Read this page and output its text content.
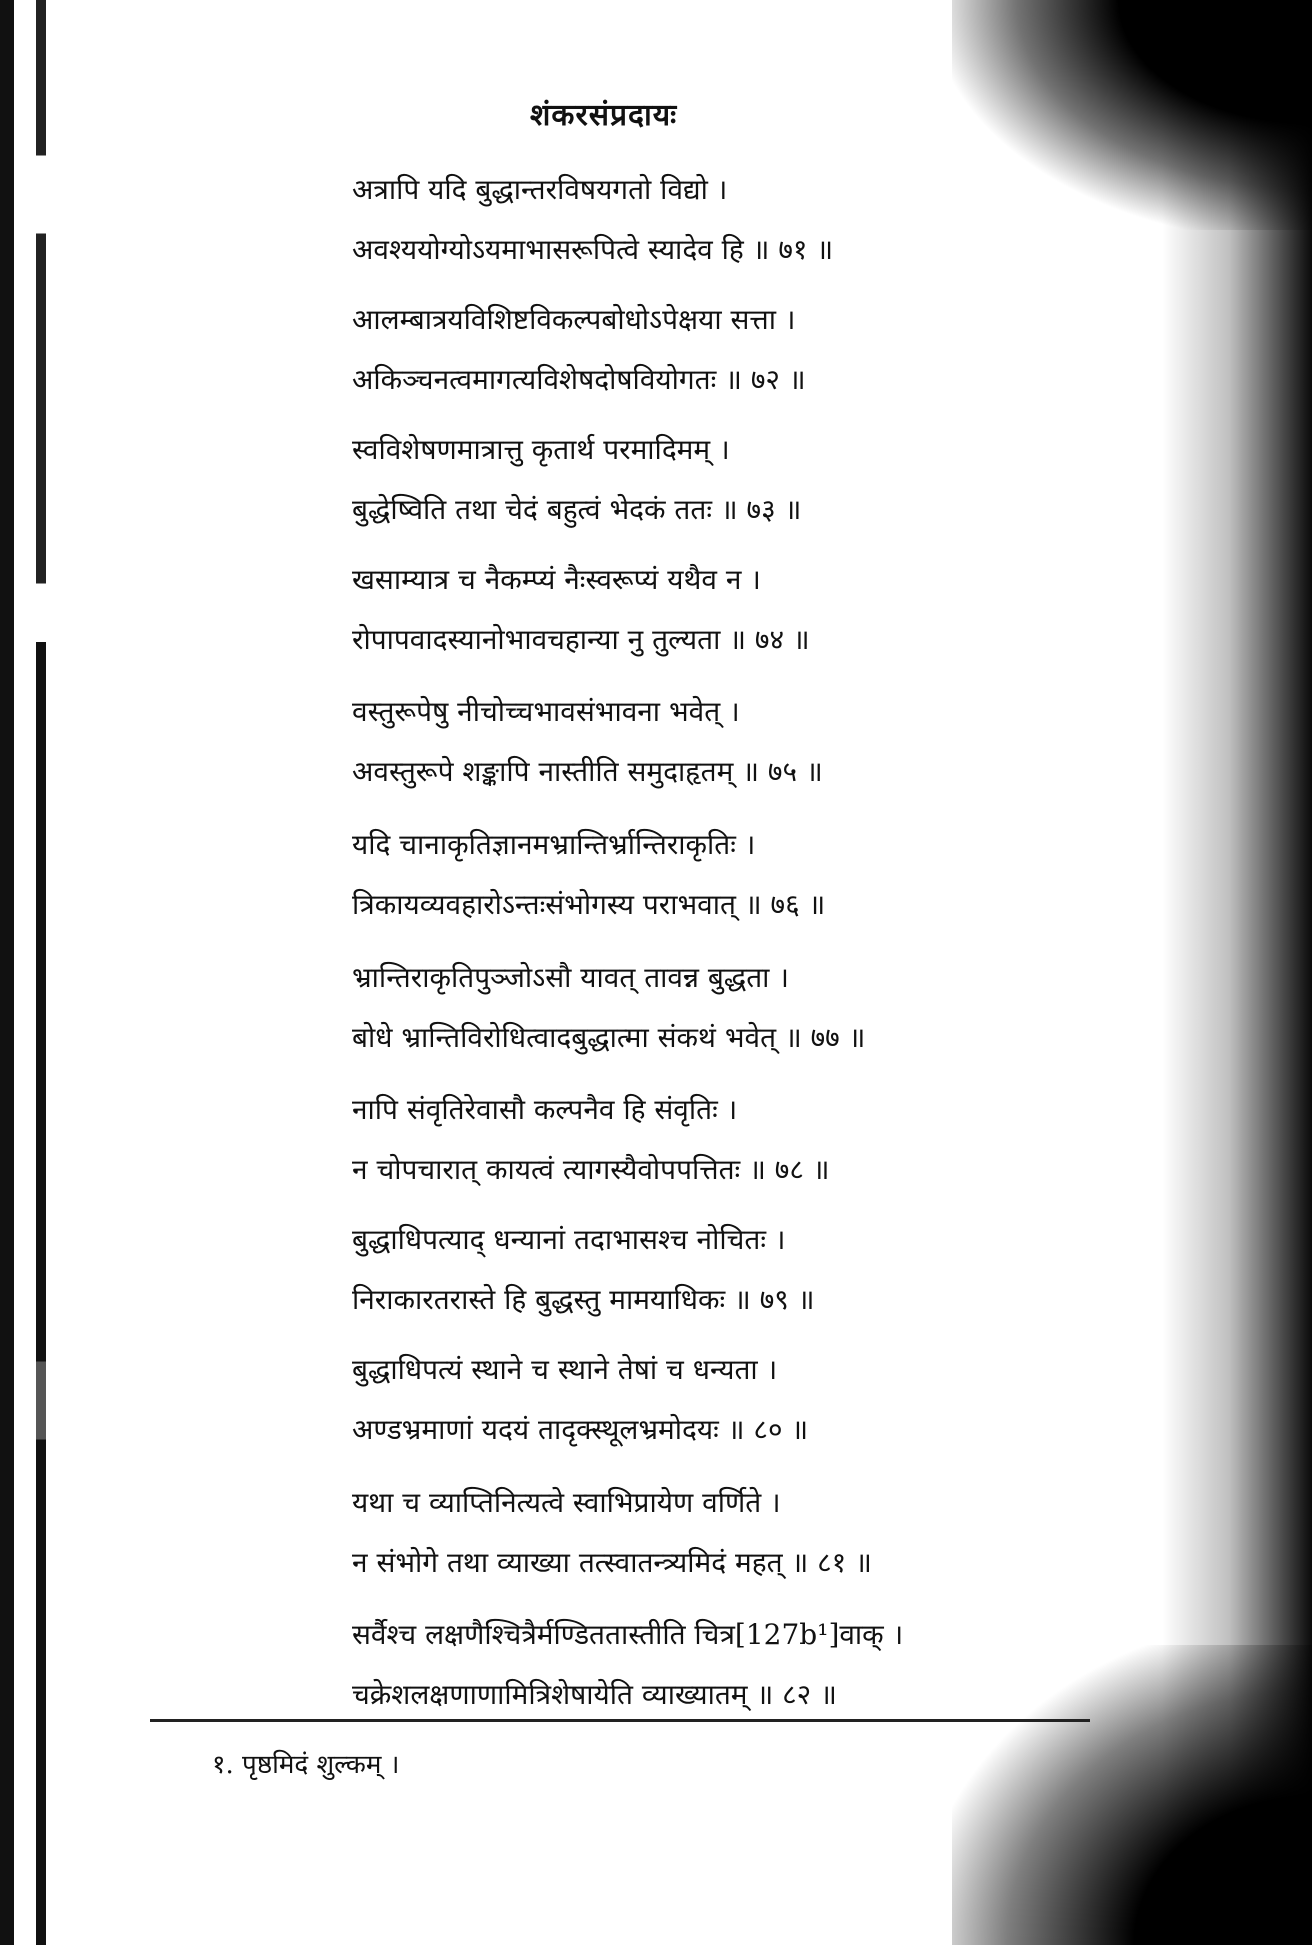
शंकरसंप्रदायः
अत्रापि यदि बुद्धान्तरविषयगतो विद्यो ।
अवश्ययोग्योऽयमाभासरूपित्वे स्यादेव हि ॥ ७१ ॥
आलम्बात्रयविशिष्टविकल्पबोधोऽपेक्षया सत्ता ।
अकिञ्चनत्वमागत्यविशेषदोषवियोगतः ॥ ७२ ॥
स्वविशेषणमात्रात्तु कृतार्थ परमादिमम् ।
बुद्धेष्विति तथा चेदं बहुत्वं भेदकं ततः ॥ ७३ ॥
खसाम्यात्र च नैकम्प्यं नैःस्वरूप्यं यथैव न ।
रोपापवादस्यानोभावचहान्या नु तुल्यता ॥ ७४ ॥
वस्तुरूपेषु नीचोच्चभावसंभावना भवेत् ।
अवस्तुरूपे शङ्कापि नास्तीति समुदाहृतम् ॥ ७५ ॥
यदि चानाकृतिज्ञानमभ्रान्तिर्भ्रान्तिराकृतिः ।
त्रिकायव्यवहारोऽन्तःसंभोगस्य पराभवात् ॥ ७६ ॥
भ्रान्तिराकृतिपुञ्जोऽसौ यावत् तावन्न बुद्धता ।
बोधे भ्रान्तिविरोधित्वादबुद्धात्मा संकथं भवेत् ॥ ७७ ॥
नापि संवृतिरेवासौ कल्पनैव हि संवृतिः ।
न चोपचारात् कायत्वं त्यागस्यैवोपपत्तितः ॥ ७८ ॥
बुद्धाधिपत्याद् धन्यानां तदाभासश्च नोचितः ।
निराकारतरास्ते हि बुद्धस्तु मामयाधिकः ॥ ७९ ॥
बुद्धाधिपत्यं स्थाने च स्थाने तेषां च धन्यता ।
अण्डभ्रमाणां यदयं तादृक्स्थूलभ्रमोदयः ॥ ८० ॥
यथा च व्याप्तिनित्यत्वे स्वाभिप्रायेण वर्णिते ।
न संभोगे तथा व्याख्या तत्स्वातन्त्र्यमिदं महत् ॥ ८१ ॥
सर्वैश्च लक्षणैश्चित्रैर्मण्डिततास्तीति चित्र[127b¹]वाक् ।
चक्रेशलक्षणाणामित्रिशेषायेति व्याख्यातम् ॥ ८२ ॥
१. पृष्ठमिदं शुल्कम् ।
